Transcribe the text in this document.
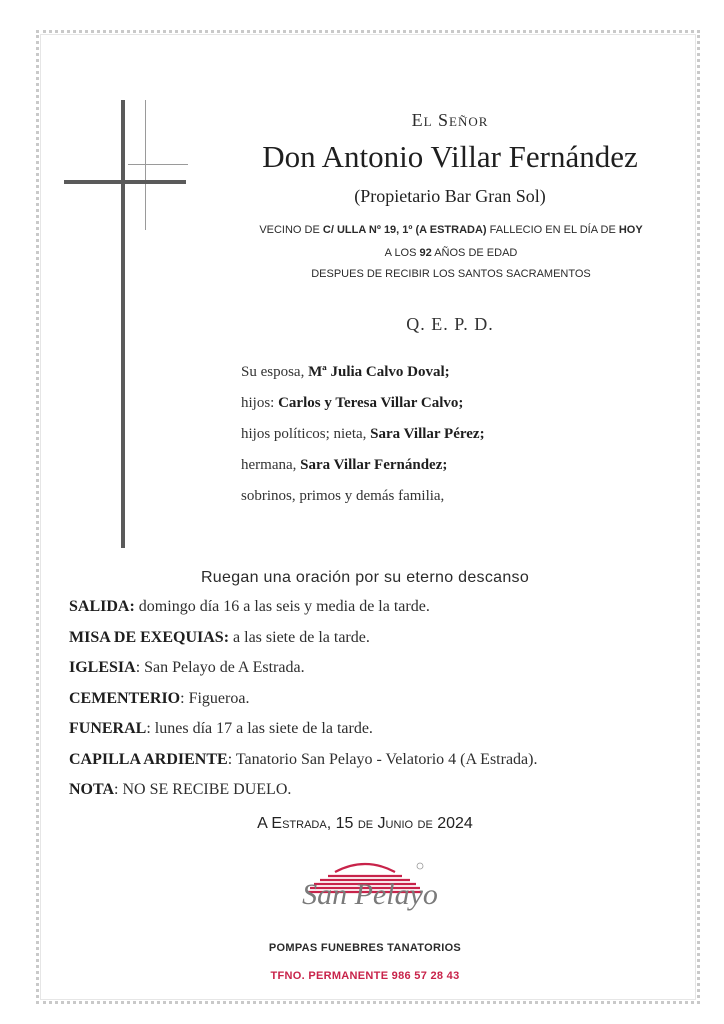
El Señor
Don Antonio Villar Fernández
(Propietario Bar Gran Sol)
VECINO DE C/ ULLA Nº 19, 1º (A ESTRADA) FALLECIO EN EL DÍA DE HOY
A LOS 92 AÑOS DE EDAD
DESPUES DE RECIBIR LOS SANTOS SACRAMENTOS
Q. E. P. D.
Su esposa, Mª Julia Calvo Doval;
hijos: Carlos y Teresa Villar Calvo;
hijos políticos; nieta, Sara Villar Pérez;
hermana, Sara Villar Fernández;
sobrinos, primos y demás familia,
Ruegan una oración por su eterno descanso
SALIDA: domingo día 16 a las seis y media de la tarde.
MISA DE EXEQUIAS: a las siete de la tarde.
IGLESIA: San Pelayo de A Estrada.
CEMENTERIO: Figueroa.
FUNERAL: lunes día 17 a las siete de la tarde.
CAPILLA ARDIENTE: Tanatorio San Pelayo - Velatorio 4 (A Estrada).
NOTA: NO SE RECIBE DUELO.
A Estrada, 15 de Junio de 2024
San Pelayo
POMPAS FUNEBRES TANATORIOS
TFNO. PERMANENTE 986 57 28 43
